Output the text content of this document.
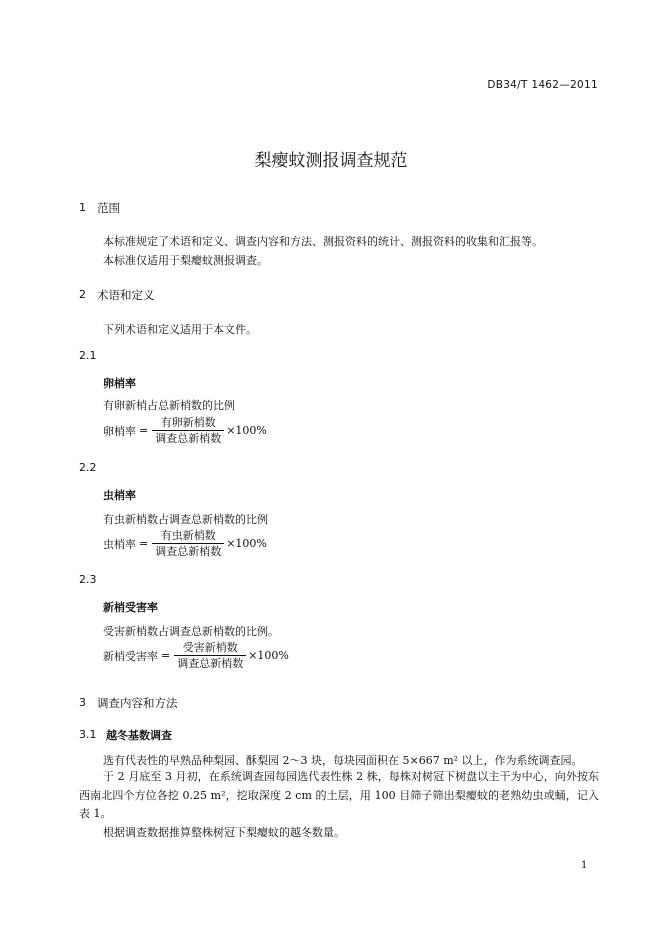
DB34/T 1462—2011
梨瘿蚊测报调查规范
1 范围
本标准规定了术语和定义、调查内容和方法、测报资料的统计、测报资料的收集和汇报等。
本标准仅适用于梨瘿蚊测报调查。
2 术语和定义
下列术语和定义适用于本文件。
2.1
卵梢率
有卵新梢占总新梢数的比例
卵梢率 = $\frac{\text{有卵新梢数}}{\text{调查总新梢数}} \times 100\%$
2.2
虫梢率
有虫新梢数占调查总新梢数的比例
虫梢率 = $\frac{\text{有虫新梢数}}{\text{调查总新梢数}} \times 100\%$
2.3
新梢受害率
受害新梢数占调查总新梢数的比例。
新梢受害率 = $\frac{\text{受害新梢数}}{\text{调查总新梢数}} \times 100\%$
3 调查内容和方法
3.1 越冬基数调查
选有代表性的早熟品种梨园、酥梨园 2～3 块，每块园面积在 5×667 m² 以上，作为系统调查园。
于 2 月底至 3 月初，在系统调查园每园选代表性株 2 株，每株对树冠下树盘以主干为中心，向外按东西南北四个方位各挖 0.25 m²，挖取深度 2 cm 的土层，用 100 目筛子筛出梨瘿蚊的老熟幼虫或蛹，记入表 1。
根据调查数据推算整株树冠下梨瘿蚊的越冬数量。
1
